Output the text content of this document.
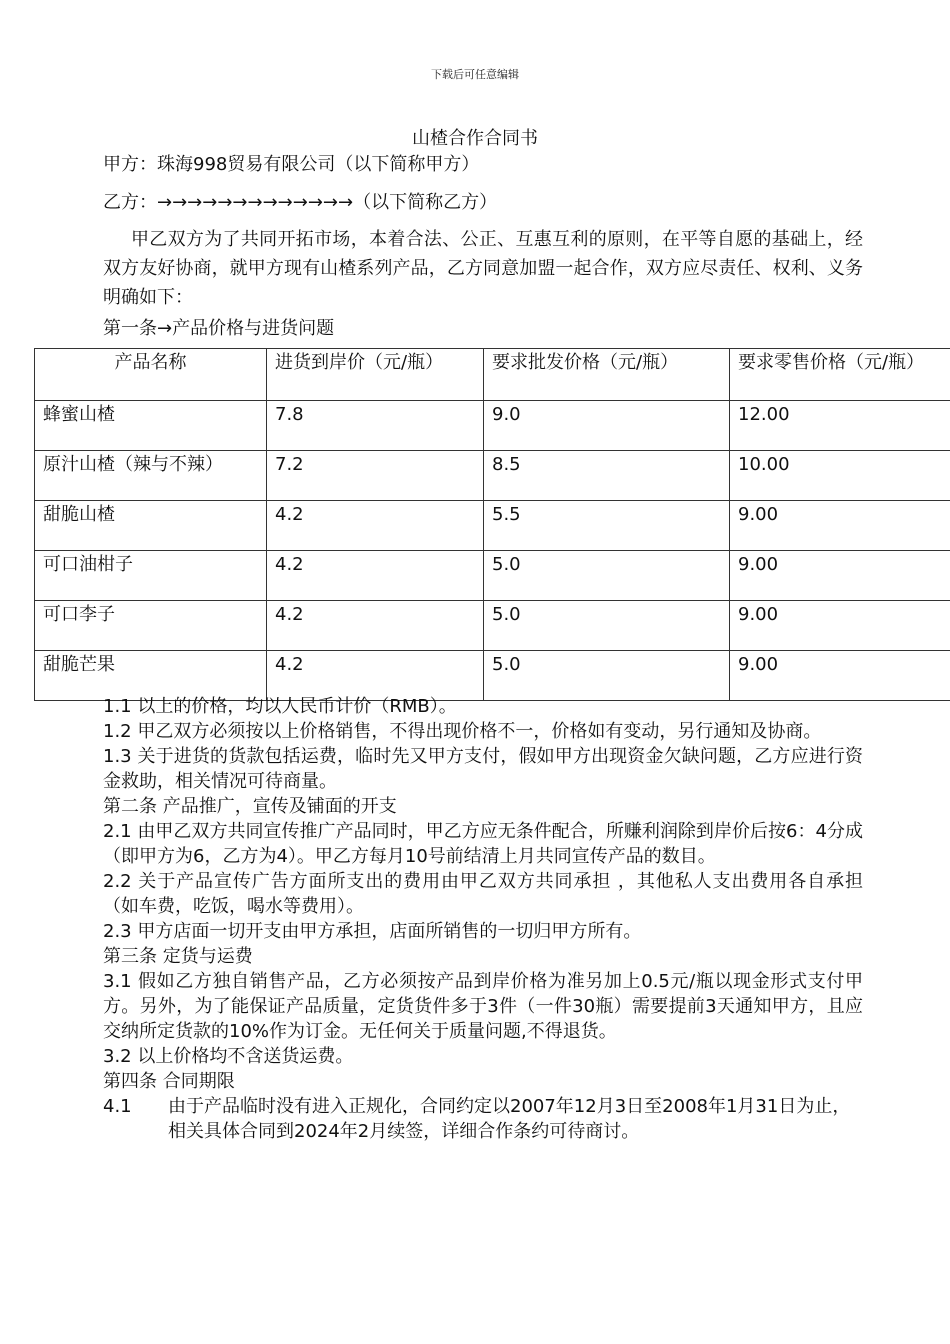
下载后可任意编辑
山楂合作合同书
甲方：珠海998贸易有限公司（以下简称甲方）
乙方：→→→→→→→→→→→→→（以下简称乙方）
甲乙双方为了共同开拓市场，本着合法、公正、互惠互利的原则，在平等自愿的基础上，经双方友好协商，就甲方现有山楂系列产品，乙方同意加盟一起合作，双方应尽责任、权利、义务明确如下：
第一条→产品价格与进货问题
产品名称	进货到岸价（元/瓶）	要求批发价格（元/瓶）	要求零售价格（元/瓶）
蜂蜜山楂	7.8	9.0	12.00
原汁山楂（辣与不辣）	7.2	8.5	10.00
甜脆山楂	4.2	5.5	9.00
可口油柑子	4.2	5.0	9.00
可口李子	4.2	5.0	9.00
甜脆芒果	4.2	5.0	9.00

1.1 以上的价格，均以人民币计价（RMB）。

1.2 甲乙双方必须按以上价格销售，不得出现价格不一，价格如有变动，另行通知及协商。

1.3 关于进货的货款包括运费，临时先又甲方支付，假如甲方出现资金欠缺问题，乙方应进行资金救助，相关情况可待商量。

第二条 产品推广，宣传及铺面的开支

2.1 由甲乙双方共同宣传推广产品同时，甲乙方应无条件配合，所赚利润除到岸价后按6：4分成（即甲方为6，乙方为4）。甲乙方每月10号前结清上月共同宣传产品的数目。

2.2 关于产品宣传广告方面所支出的费用由甲乙双方共同承担 ，其他私人支出费用各自承担（如车费，吃饭，喝水等费用）。

2.3 甲方店面一切开支由甲方承担，店面所销售的一切归甲方所有。

第三条 定货与运费

3.1 假如乙方独自销售产品，乙方必须按产品到岸价格为准另加上0.5元/瓶以现金形式支付甲方。另外，为了能保证产品质量，定货货件多于3件（一件30瓶）需要提前3天通知甲方，且应交纳所定货款的10%作为订金。无任何关于质量问题,不得退货。

3.2 以上价格均不含送货运费。

第四条 合同期限

4.1	由于产品临时没有进入正规化，合同约定以2007年12月3日至2008年1月31日为止，相关具体合同到2024年2月续签，详细合作条约可待商讨。
